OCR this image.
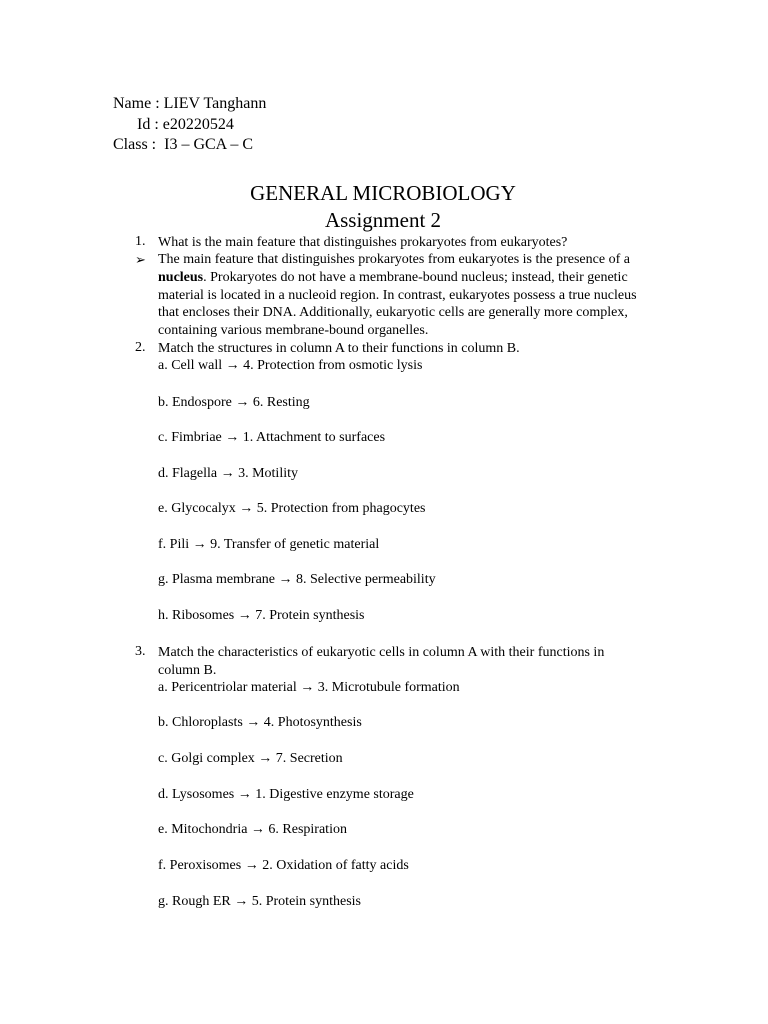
Name : LIEV Tanghann
Id : e20220524
Class :  I3 – GCA – C
GENERAL MICROBIOLOGY
Assignment 2
1. What is the main feature that distinguishes prokaryotes from eukaryotes?
➢ The main feature that distinguishes prokaryotes from eukaryotes is the presence of a nucleus. Prokaryotes do not have a membrane-bound nucleus; instead, their genetic material is located in a nucleoid region. In contrast, eukaryotes possess a true nucleus that encloses their DNA. Additionally, eukaryotic cells are generally more complex, containing various membrane-bound organelles.
2. Match the structures in column A to their functions in column B.
a. Cell wall → 4. Protection from osmotic lysis
b. Endospore → 6. Resting
c. Fimbriae → 1. Attachment to surfaces
d. Flagella → 3. Motility
e. Glycocalyx → 5. Protection from phagocytes
f. Pili → 9. Transfer of genetic material
g. Plasma membrane → 8. Selective permeability
h. Ribosomes → 7. Protein synthesis
3. Match the characteristics of eukaryotic cells in column A with their functions in column B.
a. Pericentriolar material → 3. Microtubule formation
b. Chloroplasts → 4. Photosynthesis
c. Golgi complex → 7. Secretion
d. Lysosomes → 1. Digestive enzyme storage
e. Mitochondria → 6. Respiration
f. Peroxisomes → 2. Oxidation of fatty acids
g. Rough ER → 5. Protein synthesis
